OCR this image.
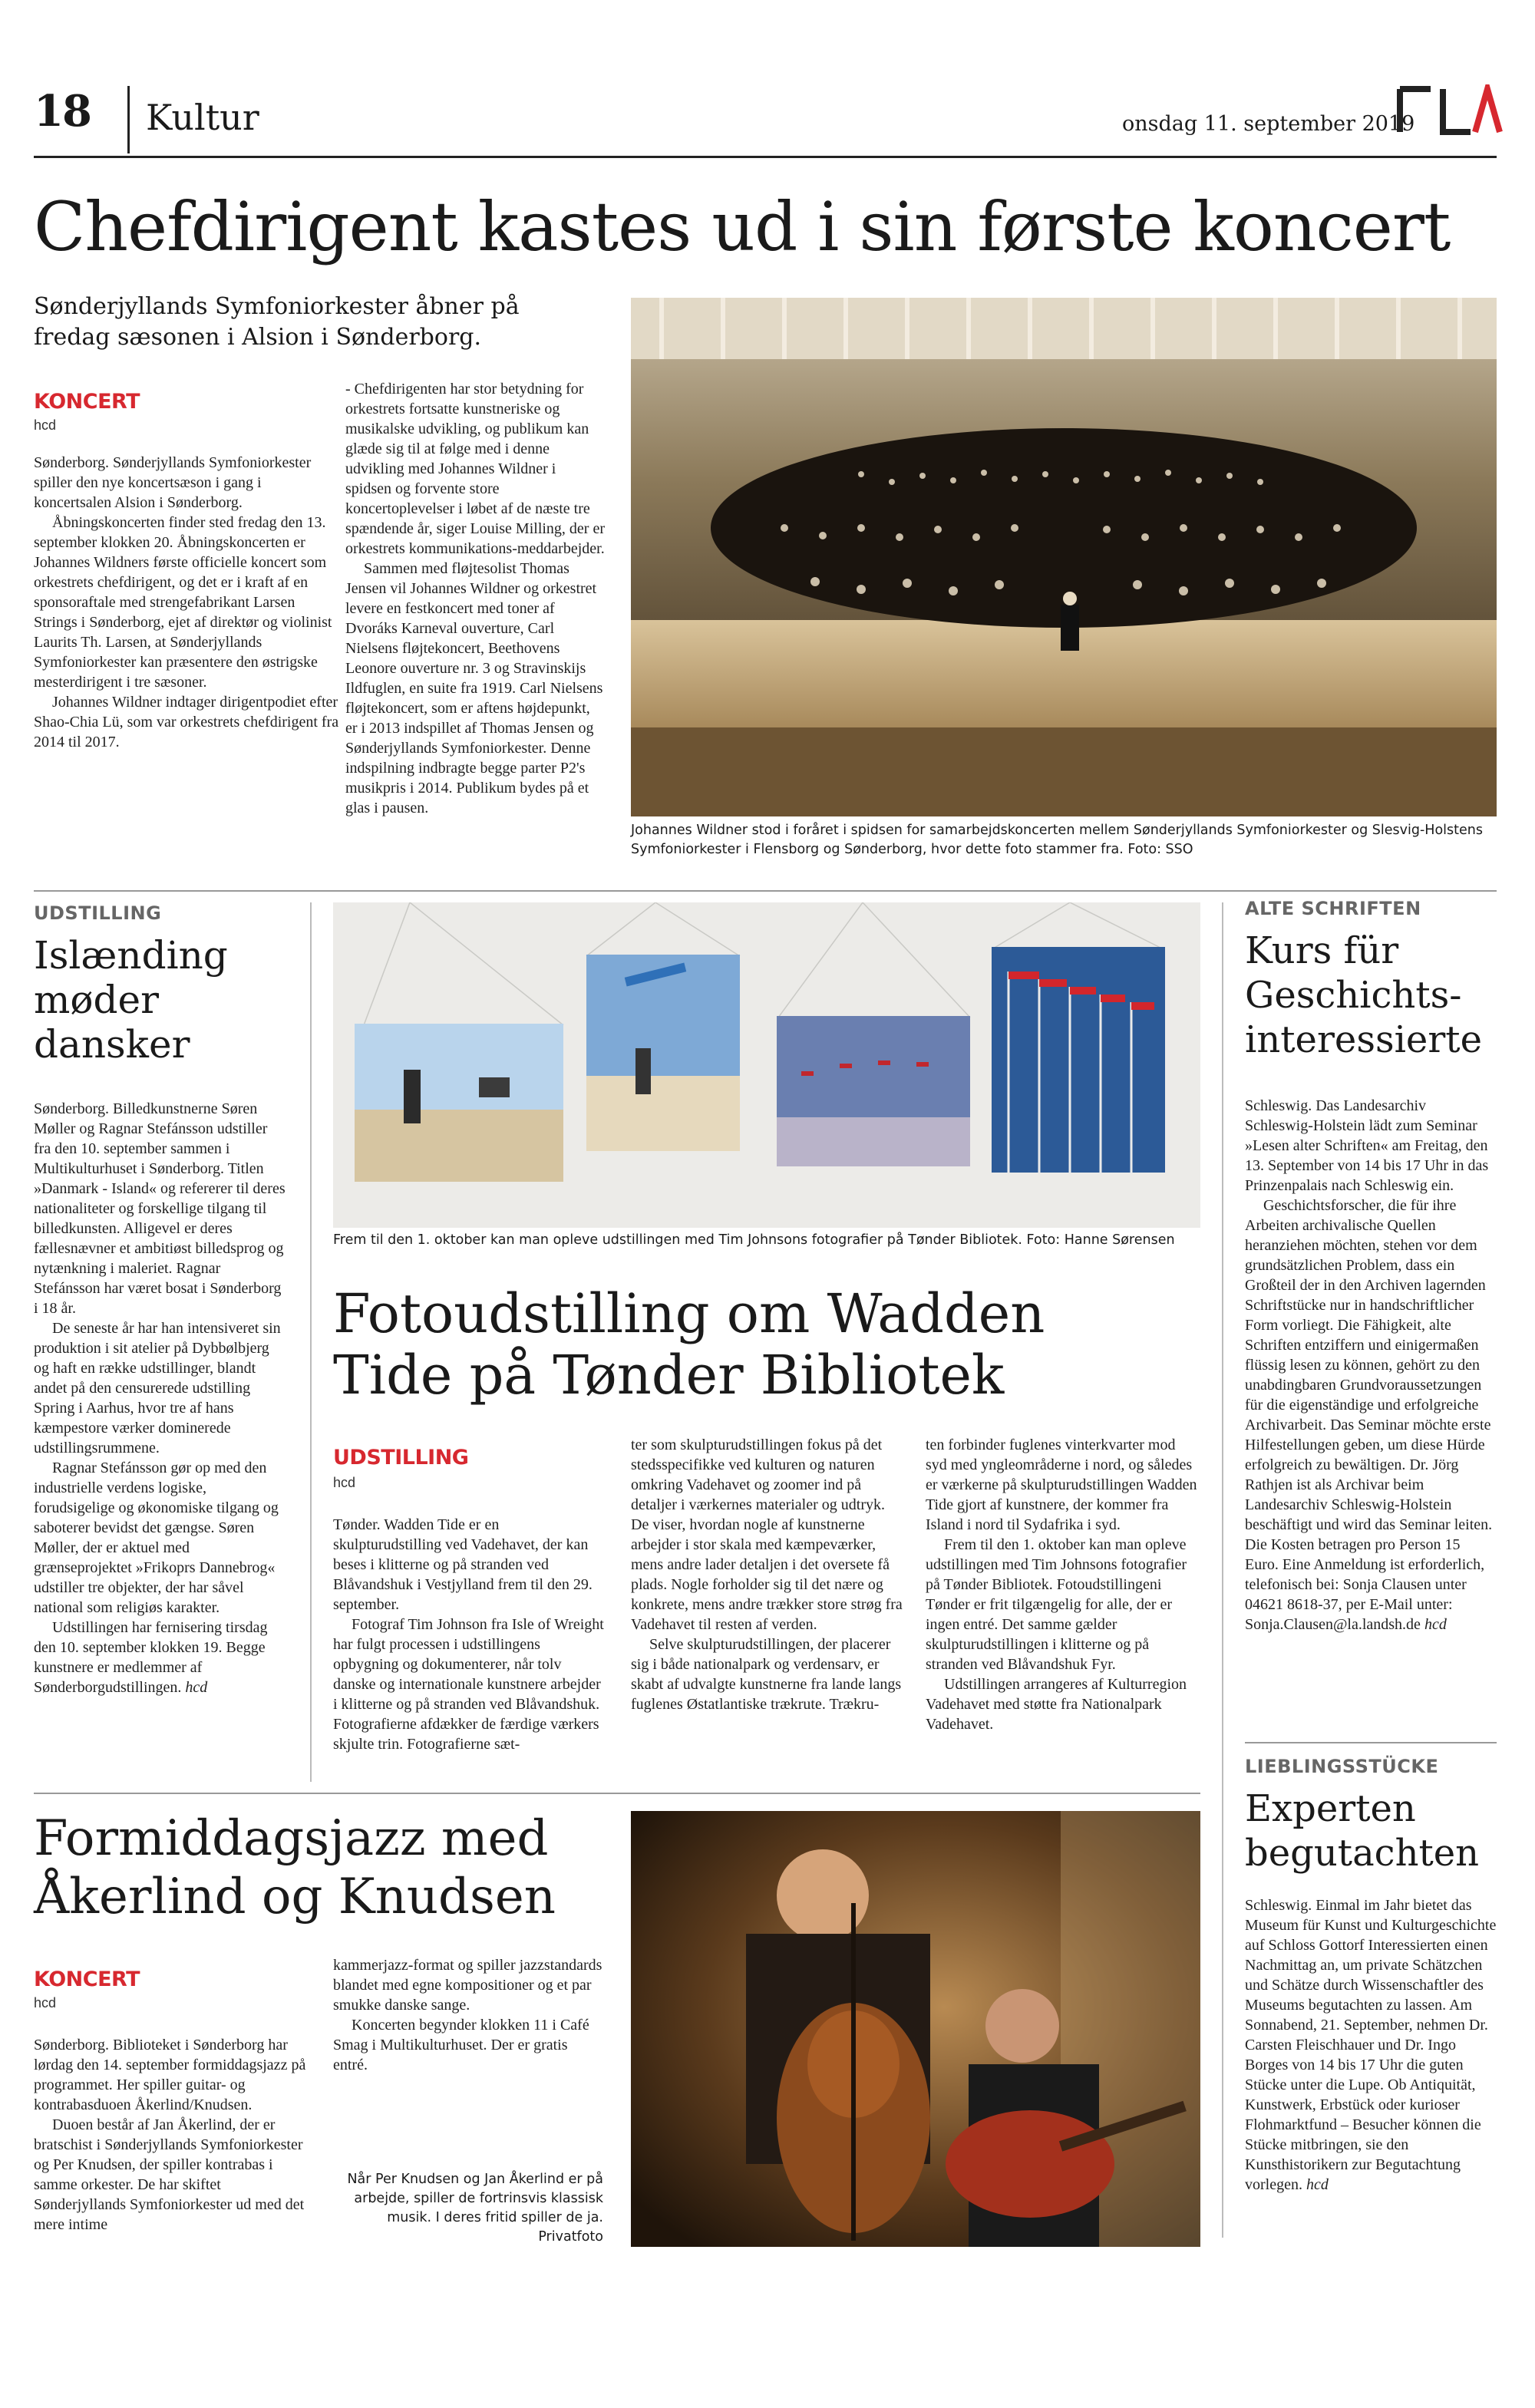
18 Kultur	onsdag 11. september 2019
Chefdirigent kastes ud i sin første koncert
Sønderjyllands Symfoniorkester åbner på fredag sæsonen i Alsion i Sønderborg.
KONCERT
hcd

Sønderborg. Sønderjyllands Symfoniorkester spiller den nye koncertsæson i gang i koncertsalen Alsion i Sønderborg.

Åbningskoncerten finder sted fredag den 13. september klokken 20. Åbningskoncerten er Johannes Wildners første officielle koncert som orkestrets chefdirigent, og det er i kraft af en sponsoraftale med strengefabrikant Larsen Strings i Sønderborg, ejet af direktør og violinist Laurits Th. Larsen, at Sønderjyllands Symfoniorkester kan præsentere den østrigske mesterdirigent i tre sæsoner.

Johannes Wildner indtager dirigentpodiet efter Shao-Chia Lü, som var orkestrets chefdirigent fra 2014 til 2017.

- Chefdirigenten har stor betydning for orkestrets fortsatte kunstneriske og musikalske udvikling, og publikum kan glæde sig til at følge med i denne udvikling med Johannes Wildner i spidsen og forvente store koncertoplevelser i løbet af de næste tre spændende år, siger Louise Milling, der er orkestrets kommunikations-meddarbejder.

Sammen med fløjtesolist Thomas Jensen vil Johannes Wildner og orkestret levere en festkoncert med toner af Dvoráks Karneval ouverture, Carl Nielsens fløjtekoncert, Beethovens Leonore ouverture nr. 3 og Stravinskijs Ildfuglen, en suite fra 1919. Carl Nielsens fløjtekoncert, som er aftens højdepunkt, er i 2013 indspillet af Thomas Jensen og Sønderjyllands Symfoniorkester. Denne indspilning indbragte begge parter P2's musikpris i 2014. Publikum bydes på et glas i pausen.

Johannes Wildner stod i foråret i spidsen for samarbejdskoncerten mellem Sønderjyllands Symfoniorkester og Slesvig-Holstens Symfoniorkester i Flensborg og Sønderborg, hvor dette foto stammer fra. Foto: SSO
UDSTILLING
Islænding møder dansker

Sønderborg. Billedkunstnerne Søren Møller og Ragnar Stefánsson udstiller fra den 10. september sammen i Multikulturhuset i Sønderborg. Titlen »Danmark - Island« og refererer til deres nationaliteter og forskellige tilgang til billedkunsten. Alligevel er deres fællesnævner et ambitiøst billedsprog og nytænkning i maleriet. Ragnar Stefánsson har været bosat i Sønderborg i 18 år.

De seneste år har han intensiveret sin produktion i sit atelier på Dybbølbjerg og haft en række udstillinger, blandt andet på den censurerede udstilling Spring i Aarhus, hvor tre af hans kæmpestore værker dominerede udstillingsrummene.

Ragnar Stefánsson gør op med den industrielle verdens logiske, forudsigelige og økonomiske tilgang og saboterer bevidst det gængse. Søren Møller, der er aktuel med grænseprojektet »Frikoprs Dannebrog« udstiller tre objekter, der har såvel national som religiøs karakter.

Udstillingen har fernisering tirsdag den 10. september klokken 19. Begge kunstnere er medlemmer af Sønderborgudstillingen. hcd

Frem til den 1. oktober kan man opleve udstillingen med Tim Johnsons fotografier på Tønder Bibliotek. Foto: Hanne Sørensen
Fotoudstilling om Wadden Tide på Tønder Bibliotek
UDSTILLING
hcd

Tønder. Wadden Tide er en skulpturudstilling ved Vadehavet, der kan beses i klitterne og på stranden ved Blåvandshuk i Vestjylland frem til den 29. september.

Fotograf Tim Johnson fra Isle of Wreight har fulgt processen i udstillingens opbygning og dokumenterer, når tolv danske og internationale kunstnere arbejder i klitterne og på stranden ved Blåvandshuk. Fotografierne afdækker de færdige værkers skjulte trin. Fotografierne sæt-

ter som skulpturudstillingen fokus på det stedsspecifikke ved kulturen og naturen omkring Vadehavet og zoomer ind på detaljer i værkernes materialer og udtryk. De viser, hvordan nogle af kunstnerne arbejder i stor skala med kæmpeværker, mens andre lader detaljen i det oversete få plads. Nogle forholder sig til det nære og konkrete, mens andre trækker store strøg fra Vadehavet til resten af verden.

Selve skulpturudstillingen, der placerer sig i både nationalpark og verdensarv, er skabt af udvalgte kunstnerne fra lande langs fuglenes Østatlantiske trækrute. Trækru-

ten forbinder fuglenes vinterkvarter mod syd med yngleområderne i nord, og således er værkerne på skulpturudstillingen Wadden Tide gjort af kunstnere, der kommer fra Island i nord til Sydafrika i syd.

Frem til den 1. oktober kan man opleve udstillingen med Tim Johnsons fotografier på Tønder Bibliotek. Fotoudstillingeni Tønder er frit tilgængelig for alle, der er ingen entré. Det samme gælder skulpturudstillingen i klitterne og på stranden ved Blåvandshuk Fyr.

Udstillingen arrangeres af Kulturregion Vadehavet med støtte fra Nationalpark Vadehavet.

ALTE SCHRIFTEN
Kurs für Geschichts-interessierte

Schleswig. Das Landesarchiv Schleswig-Holstein lädt zum Seminar »Lesen alter Schriften« am Freitag, den 13. September von 14 bis 17 Uhr in das Prinzenpalais nach Schleswig ein.

Geschichtsforscher, die für ihre Arbeiten archivalische Quellen heranziehen möchten, stehen vor dem grundsätzlichen Problem, dass ein Großteil der in den Archiven lagernden Schriftstücke nur in handschriftlicher Form vorliegt. Die Fähigkeit, alte Schriften entziffern und einigermaßen flüssig lesen zu können, gehört zu den unabdingbaren Grundvoraussetzungen für die eigenständige und erfolgreiche Archivarbeit. Das Seminar möchte erste Hilfestellungen geben, um diese Hürde erfolgreich zu bewältigen. Dr. Jörg Rathjen ist als Archivar beim Landesarchiv Schleswig-Holstein beschäftigt und wird das Seminar leiten. Die Kosten betragen pro Person 15 Euro. Eine Anmeldung ist erforderlich, telefonisch bei: Sonja Clausen unter 04621 8618-37, per E-Mail unter: Sonja.Clausen@la.landsh.de hcd

LIEBLINGSSTÜCKE
Experten begutachten

Schleswig. Einmal im Jahr bietet das Museum für Kunst und Kulturgeschichte auf Schloss Gottorf Interessierten einen Nachmittag an, um private Schätzchen und Schätze durch Wissenschaftler des Museums begutachten zu lassen. Am Sonnabend, 21. September, nehmen Dr. Carsten Fleischhauer und Dr. Ingo Borges von 14 bis 17 Uhr die guten Stücke unter die Lupe. Ob Antiquität, Kunstwerk, Erbstück oder kurioser Flohmarktfund – Besucher können die Stücke mitbringen, sie den Kunsthistorikern zur Begutachtung vorlegen. hcd

Formiddagsjazz med Åkerlind og Knudsen
KONCERT
hcd

Sønderborg. Biblioteket i Sønderborg har lørdag den 14. september formiddagsjazz på programmet. Her spiller guitar- og kontrabasduoen Åkerlind/Knudsen.

Duoen består af Jan Åkerlind, der er bratschist i Sønderjyllands Symfoniorkester og Per Knudsen, der spiller kontrabas i samme orkester. De har skiftet Sønderjyllands Symfoniorkester ud med det mere intime

kammerjazz-format og spiller jazzstandards blandet med egne kompositioner og et par smukke danske sange.

Koncerten begynder klokken 11 i Café Smag i Multikulturhuset. Der er gratis entré.

Når Per Knudsen og Jan Åkerlind er på arbejde, spiller de fortrinsvis klassisk musik. I deres fritid spiller de ja. Privatfoto
